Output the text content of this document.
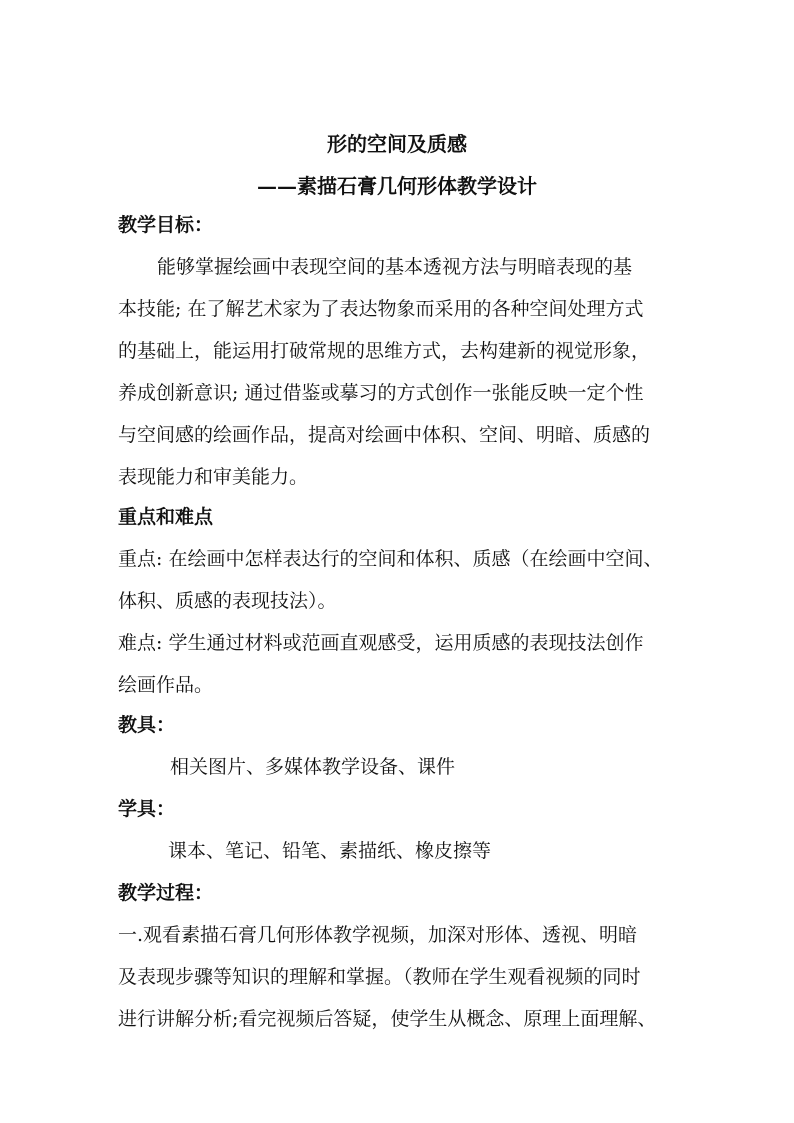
形的空间及质感
——素描石膏几何形体教学设计
教学目标：
能够掌握绘画中表现空间的基本透视方法与明暗表现的基
本技能; 在了解艺术家为了表达物象而采用的各种空间处理方式
的基础上，能运用打破常规的思维方式，去构建新的视觉形象，
养成创新意识; 通过借鉴或摹习的方式创作一张能反映一定个性
与空间感的绘画作品，提高对绘画中体积、空间、明暗、质感的
表现能力和审美能力。
重点和难点
重点: 在绘画中怎样表达行的空间和体积、质感（在绘画中空间、
体积、质感的表现技法）。
难点: 学生通过材料或范画直观感受，运用质感的表现技法创作
绘画作品。
教具：
相关图片、多媒体教学设备、课件
学具：
课本、笔记、铅笔、素描纸、橡皮擦等
教学过程：
一.观看素描石膏几何形体教学视频，加深对形体、透视、明暗
及表现步骤等知识的理解和掌握。（教师在学生观看视频的同时
进行讲解分析;看完视频后答疑，使学生从概念、原理上面理解、
